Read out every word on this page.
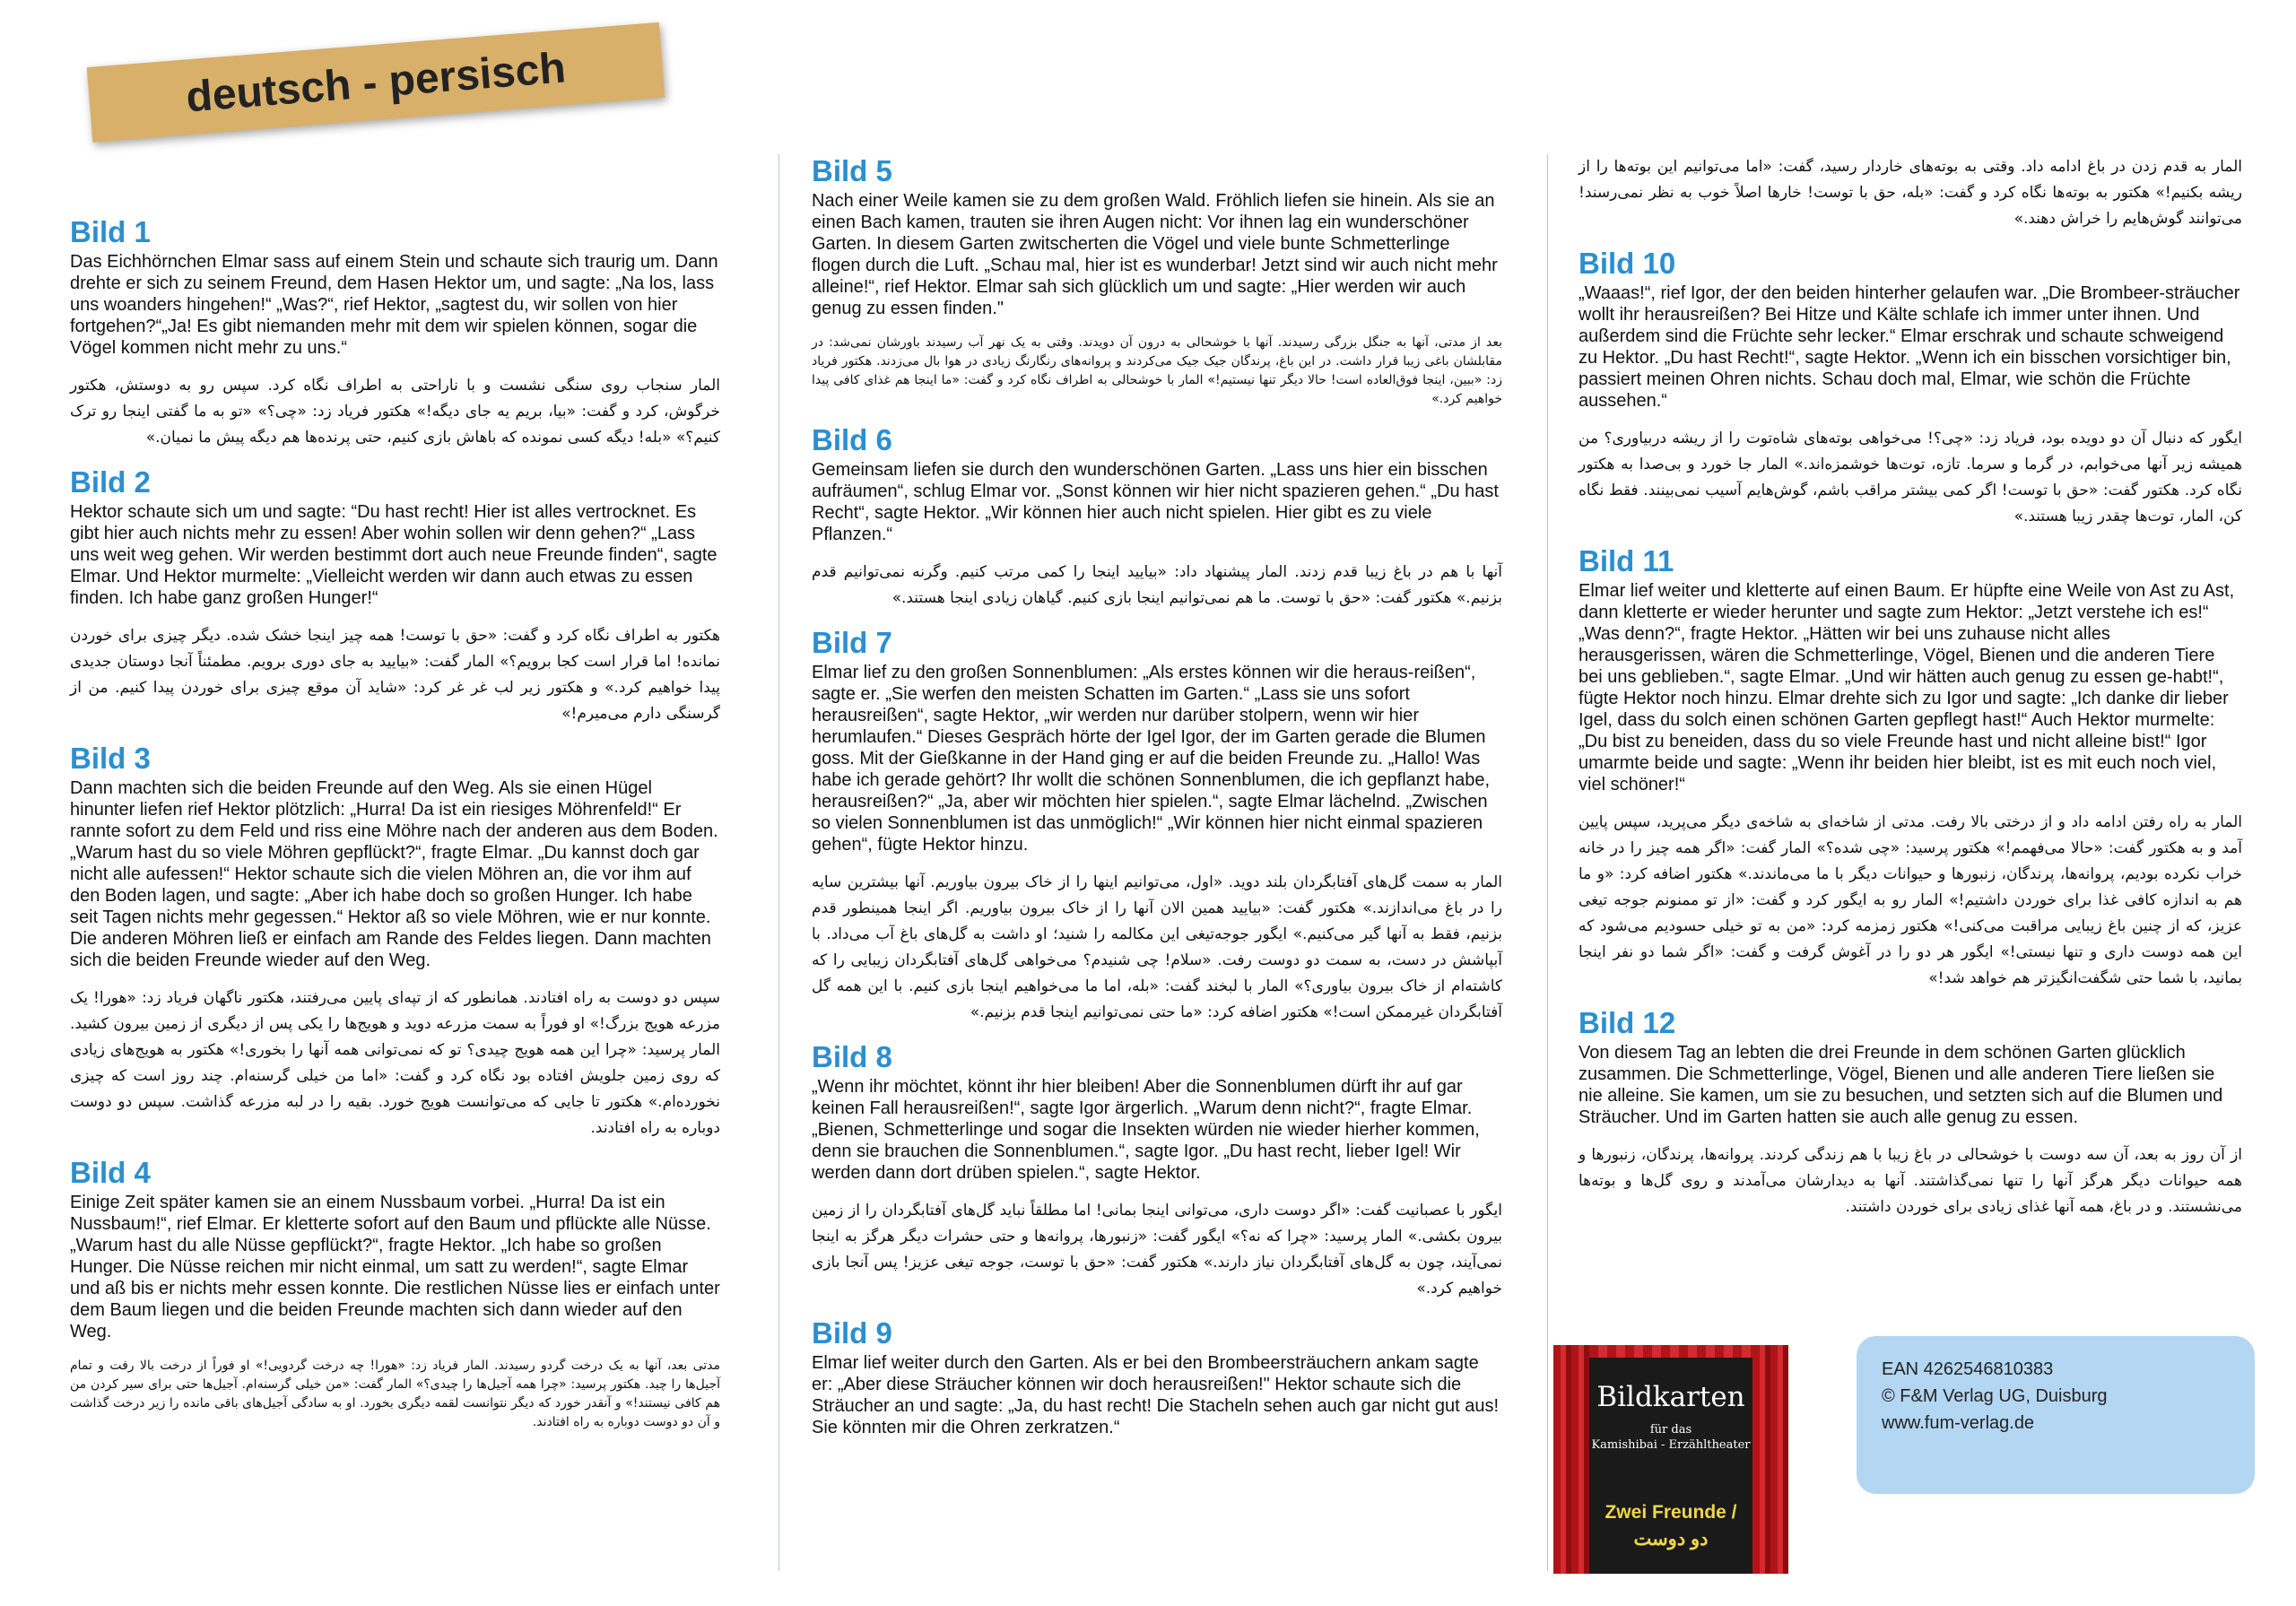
deutsch - persisch
Bild 1

Das Eichhörnchen Elmar sass auf einem Stein und schaute sich traurig um. Dann drehte er sich zu seinem Freund, dem Hasen Hektor um, und sagte: „Na los, lass uns woanders hingehen!“ „Was?“, rief Hektor, „sagtest du, wir sollen von hier fortgehen?“„Ja! Es gibt niemanden mehr mit dem wir spielen können, sogar die Vögel kommen nicht mehr zu uns.“

المار سنجاب روی سنگی نشست و با ناراحتی به اطراف نگاه کرد. سپس رو به دوستش، هکتور خرگوش، کرد و گفت: «بیا، بریم یه جای دیگه!» هکتور فریاد زد: «چی؟» «تو به ما گفتی اینجا رو ترک کنیم؟» «بله! دیگه کسی نمونده که باهاش بازی کنیم، حتی پرنده‌ها هم دیگه پیش ما نمیان.»

Bild 2

Hektor schaute sich um und sagte: “Du hast recht! Hier ist alles vertrocknet. Es gibt hier auch nichts mehr zu essen! Aber wohin sollen wir denn gehen?“ „Lass uns weit weg gehen. Wir werden bestimmt dort auch neue Freunde finden“, sagte Elmar. Und Hektor murmelte: „Vielleicht werden wir dann auch etwas zu essen finden. Ich habe ganz großen Hunger!“

هکتور به اطراف نگاه کرد و گفت: «حق با توست! همه چیز اینجا خشک شده. دیگر چیزی برای خوردن نمانده! اما قرار است کجا برویم؟» المار گفت: «بیایید به جای دوری برویم. مطمئناً آنجا دوستان جدیدی پیدا خواهیم کرد.» و هکتور زیر لب غر غر کرد: «شاید آن موقع چیزی برای خوردن پیدا کنیم. من از گرسنگی دارم می‌میرم!»

Bild 3

Dann machten sich die beiden Freunde auf den Weg. Als sie einen Hügel hinunter liefen rief Hektor plötzlich: „Hurra! Da ist ein riesiges Möhrenfeld!“ Er rannte sofort zu dem Feld und riss eine Möhre nach der anderen aus dem Boden. „Warum hast du so viele Möhren gepflückt?“, fragte Elmar. „Du kannst doch gar nicht alle aufessen!“ Hektor schaute sich die vielen Möhren an, die vor ihm auf den Boden lagen, und sagte: „Aber ich habe doch so großen Hunger. Ich habe seit Tagen nichts mehr gegessen.“ Hektor aß so viele Möhren, wie er nur konnte. Die anderen Möhren ließ er einfach am Rande des Feldes liegen. Dann machten sich die beiden Freunde wieder auf den Weg.

سپس دو دوست به راه افتادند. همانطور که از تپه‌ای پایین می‌رفتند، هکتور ناگهان فریاد زد: «هورا! یک مزرعه هویج بزرگ!» او فوراً به سمت مزرعه دوید و هویج‌ها را یکی پس از دیگری از زمین بیرون کشید. المار پرسید: «چرا این همه هویج چیدی؟ تو که نمی‌توانی همه آنها را بخوری!» هکتور به هویج‌های زیادی که روی زمین جلویش افتاده بود نگاه کرد و گفت: «اما من خیلی گرسنه‌ام. چند روز است که چیزی نخورده‌ام.» هکتور تا جایی که می‌توانست هویج خورد. بقیه را در لبه مزرعه گذاشت. سپس دو دوست دوباره به راه افتادند.

Bild 4

Einige Zeit später kamen sie an einem Nussbaum vorbei. „Hurra! Da ist ein Nussbaum!“, rief Elmar. Er kletterte sofort auf den Baum und pflückte alle Nüsse. „Warum hast du alle Nüsse gepflückt?“, fragte Hektor. „Ich habe so großen Hunger. Die Nüsse reichen mir nicht einmal, um satt zu werden!“, sagte Elmar und aß bis er nichts mehr essen konnte. Die restlichen Nüsse lies er einfach unter dem Baum liegen und die beiden Freunde machten sich dann wieder auf den Weg.

مدتی بعد، آنها به یک درخت گردو رسیدند. المار فریاد زد: «هورا! چه درخت گردویی!» او فوراً از درخت بالا رفت و تمام آجیل‌ها را چید. هکتور پرسید: «چرا همه آجیل‌ها را چیدی؟» المار گفت: «من خیلی گرسنه‌ام. آجیل‌ها حتی برای سیر کردن من هم کافی نیستند!» و آنقدر خورد که دیگر نتوانست لقمه دیگری بخورد. او به سادگی آجیل‌های باقی مانده را زیر درخت گذاشت و آن دو دوست دوباره به راه افتادند.

Bild 5

Nach einer Weile kamen sie zu dem großen Wald. Fröhlich liefen sie hinein. Als sie an einen Bach kamen, trauten sie ihren Augen nicht: Vor ihnen lag ein wunderschöner Garten. In diesem Garten zwitscherten die Vögel und viele bunte Schmetterlinge flogen durch die Luft. „Schau mal, hier ist es wunderbar! Jetzt sind wir auch nicht mehr alleine!“, rief Hektor. Elmar sah sich glücklich um und sagte: „Hier werden wir auch genug zu essen finden."

بعد از مدتی، آنها به جنگل بزرگی رسیدند. آنها با خوشحالی به درون آن دویدند. وقتی به یک نهر آب رسیدند باورشان نمی‌شد: در مقابلشان باغی زیبا قرار داشت. در این باغ، پرندگان جیک جیک می‌کردند و پروانه‌های رنگارنگ زیادی در هوا بال می‌زدند. هکتور فریاد زد: «ببین، اینجا فوق‌العاده است! حالا دیگر تنها نیستیم!» المار با خوشحالی به اطراف نگاه کرد و گفت: «ما اینجا هم غذای کافی پیدا خواهیم کرد.»

Bild 6

Gemeinsam liefen sie durch den wunderschönen Garten. „Lass uns hier ein bisschen aufräumen“, schlug Elmar vor. „Sonst können wir hier nicht spazieren gehen.“ „Du hast Recht“, sagte Hektor. „Wir können hier auch nicht spielen. Hier gibt es zu viele Pflanzen.“

آنها با هم در باغ زیبا قدم زدند. المار پیشنهاد داد: «بیایید اینجا را کمی مرتب کنیم. وگرنه نمی‌توانیم قدم بزنیم.» هکتور گفت: «حق با توست. ما هم نمی‌توانیم اینجا بازی کنیم. گیاهان زیادی اینجا هستند.»

Bild 7

Elmar lief zu den großen Sonnenblumen: „Als erstes können wir die heraus-reißen“, sagte er. „Sie werfen den meisten Schatten im Garten.“ „Lass sie uns sofort herausreißen“, sagte Hektor, „wir werden nur darüber stolpern, wenn wir hier herumlaufen.“ Dieses Gespräch hörte der Igel Igor, der im Garten gerade die Blumen goss. Mit der Gießkanne in der Hand ging er auf die beiden Freunde zu. „Hallo! Was habe ich gerade gehört? Ihr wollt die schönen Sonnenblumen, die ich gepflanzt habe, herausreißen?“ „Ja, aber wir möchten hier spielen.“, sagte Elmar lächelnd. „Zwischen so vielen Sonnenblumen ist das unmöglich!“ „Wir können hier nicht einmal spazieren gehen“, fügte Hektor hinzu.

المار به سمت گل‌های آفتابگردان بلند دوید. «اول، می‌توانیم اینها را از خاک بیرون بیاوریم. آنها بیشترین سایه را در باغ می‌اندازند.» هکتور گفت: «بیایید همین الان آنها را از خاک بیرون بیاوریم. اگر اینجا همینطور قدم بزنیم، فقط به آنها گیر می‌کنیم.» ایگور جوجه‌تیغی این مکالمه را شنید؛ او داشت به گل‌های باغ آب می‌داد. با آبپاشش در دست، به سمت دو دوست رفت. «سلام! چی شنیدم؟ می‌خواهی گل‌های آفتابگردان زیبایی را که کاشته‌ام از خاک بیرون بیاوری؟» المار با لبخند گفت: «بله، اما ما می‌خواهیم اینجا بازی کنیم. با این همه گل آفتابگردان غیرممکن است!» هکتور اضافه کرد: «ما حتی نمی‌توانیم اینجا قدم بزنیم.»

Bild 8

„Wenn ihr möchtet, könnt ihr hier bleiben! Aber die Sonnenblumen dürft ihr auf gar keinen Fall herausreißen!“, sagte Igor ärgerlich. „Warum denn nicht?“, fragte Elmar. „Bienen, Schmetterlinge und sogar die Insekten würden nie wieder hierher kommen, denn sie brauchen die Sonnenblumen.“, sagte Igor. „Du hast recht, lieber Igel! Wir werden dann dort drüben spielen.“, sagte Hektor.

ایگور با عصبانیت گفت: «اگر دوست داری، می‌توانی اینجا بمانی! اما مطلقاً نباید گل‌های آفتابگردان را از زمین بیرون بکشی.» المار پرسید: «چرا که نه؟» ایگور گفت: «زنبورها، پروانه‌ها و حتی حشرات دیگر هرگز به اینجا نمی‌آیند، چون به گل‌های آفتابگردان نیاز دارند.» هکتور گفت: «حق با توست، جوجه تیغی عزیز! پس آنجا بازی خواهیم کرد.»

Bild 9

Elmar lief weiter durch den Garten. Als er bei den Brombeersträuchern ankam sagte er: „Aber diese Sträucher können wir doch herausreißen!" Hektor schaute sich die Sträucher an und sagte: „Ja, du hast recht! Die Stacheln sehen auch gar nicht gut aus! Sie könnten mir die Ohren zerkratzen.“

المار به قدم زدن در باغ ادامه داد. وقتی به بوته‌های خاردار رسید، گفت: «اما می‌توانیم این بوته‌ها را از ریشه بکنیم!» هکتور به بوته‌ها نگاه کرد و گفت: «بله، حق با توست! خارها اصلاً خوب به نظر نمی‌رسند! می‌توانند گوش‌هایم را خراش دهند.»

Bild 10

„Waaas!“, rief Igor, der den beiden hinterher gelaufen war. „Die Brombeer-sträucher wollt ihr herausreißen? Bei Hitze und Kälte schlafe ich immer unter ihnen. Und außerdem sind die Früchte sehr lecker.“ Elmar erschrak und schaute schweigend zu Hektor. „Du hast Recht!“, sagte Hektor. „Wenn ich ein bisschen vorsichtiger bin, passiert meinen Ohren nichts. Schau doch mal, Elmar, wie schön die Früchte aussehen.“

ایگور که دنبال آن دو دویده بود، فریاد زد: «چی؟! می‌خواهی بوته‌های شاه‌توت را از ریشه دربیاوری؟ من همیشه زیر آنها می‌خوابم، در گرما و سرما. تازه، توت‌ها خوشمزه‌اند.» المار جا خورد و بی‌صدا به هکتور نگاه کرد. هکتور گفت: «حق با توست! اگر کمی بیشتر مراقب باشم، گوش‌هایم آسیب نمی‌بینند. فقط نگاه کن، المار، توت‌ها چقدر زیبا هستند.»

Bild 11

Elmar lief weiter und kletterte auf einen Baum. Er hüpfte eine Weile von Ast zu Ast, dann kletterte er wieder herunter und sagte zum Hektor: „Jetzt verstehe ich es!“ „Was denn?“, fragte Hektor. „Hätten wir bei uns zuhause nicht alles herausgerissen, wären die Schmetterlinge, Vögel, Bienen und die anderen Tiere bei uns geblieben.“, sagte Elmar. „Und wir hätten auch genug zu essen ge-habt!“, fügte Hektor noch hinzu. Elmar drehte sich zu Igor und sagte: „Ich danke dir lieber Igel, dass du solch einen schönen Garten gepflegt hast!“ Auch Hektor murmelte: „Du bist zu beneiden, dass du so viele Freunde hast und nicht alleine bist!“ Igor umarmte beide und sagte: „Wenn ihr beiden hier bleibt, ist es mit euch noch viel, viel schöner!“

المار به راه رفتن ادامه داد و از درختی بالا رفت. مدتی از شاخه‌ای به شاخه‌ی دیگر می‌پرید، سپس پایین آمد و به هکتور گفت: «حالا می‌فهمم!» هکتور پرسید: «چی شده؟» المار گفت: «اگر همه چیز را در خانه خراب نکرده بودیم، پروانه‌ها، پرندگان، زنبورها و حیوانات دیگر با ما می‌ماندند.» هکتور اضافه کرد: «و ما هم به اندازه کافی غذا برای خوردن داشتیم!» المار رو به ایگور کرد و گفت: «از تو ممنونم جوجه تیغی عزیز، که از چنین باغ زیبایی مراقبت می‌کنی!» هکتور زمزمه کرد: «من به تو خیلی حسودیم می‌شود که این همه دوست داری و تنها نیستی!» ایگور هر دو را در آغوش گرفت و گفت: «اگر شما دو نفر اینجا بمانید، با شما حتی شگفت‌انگیزتر هم خواهد شد!»

Bild 12

Von diesem Tag an lebten die drei Freunde in dem schönen Garten glücklich zusammen. Die Schmetterlinge, Vögel, Bienen und alle anderen Tiere ließen sie nie alleine. Sie kamen, um sie zu besuchen, und setzten sich auf die Blumen und Sträucher. Und im Garten hatten sie auch alle genug zu essen.

از آن روز به بعد، آن سه دوست با خوشحالی در باغ زیبا با هم زندگی کردند. پروانه‌ها، پرندگان، زنبورها و همه حیوانات دیگر هرگز آنها را تنها نمی‌گذاشتند. آنها به دیدارشان می‌آمدند و روی گل‌ها و بوته‌ها می‌نشستند. و در باغ، همه آنها غذای زیادی برای خوردن داشتند.

Bildkarten
für das
Kamishibai - Erzähltheater
Zwei Freunde /
دو دوست
EAN 4262546810383
© F&M Verlag UG, Duisburg
www.fum-verlag.de
